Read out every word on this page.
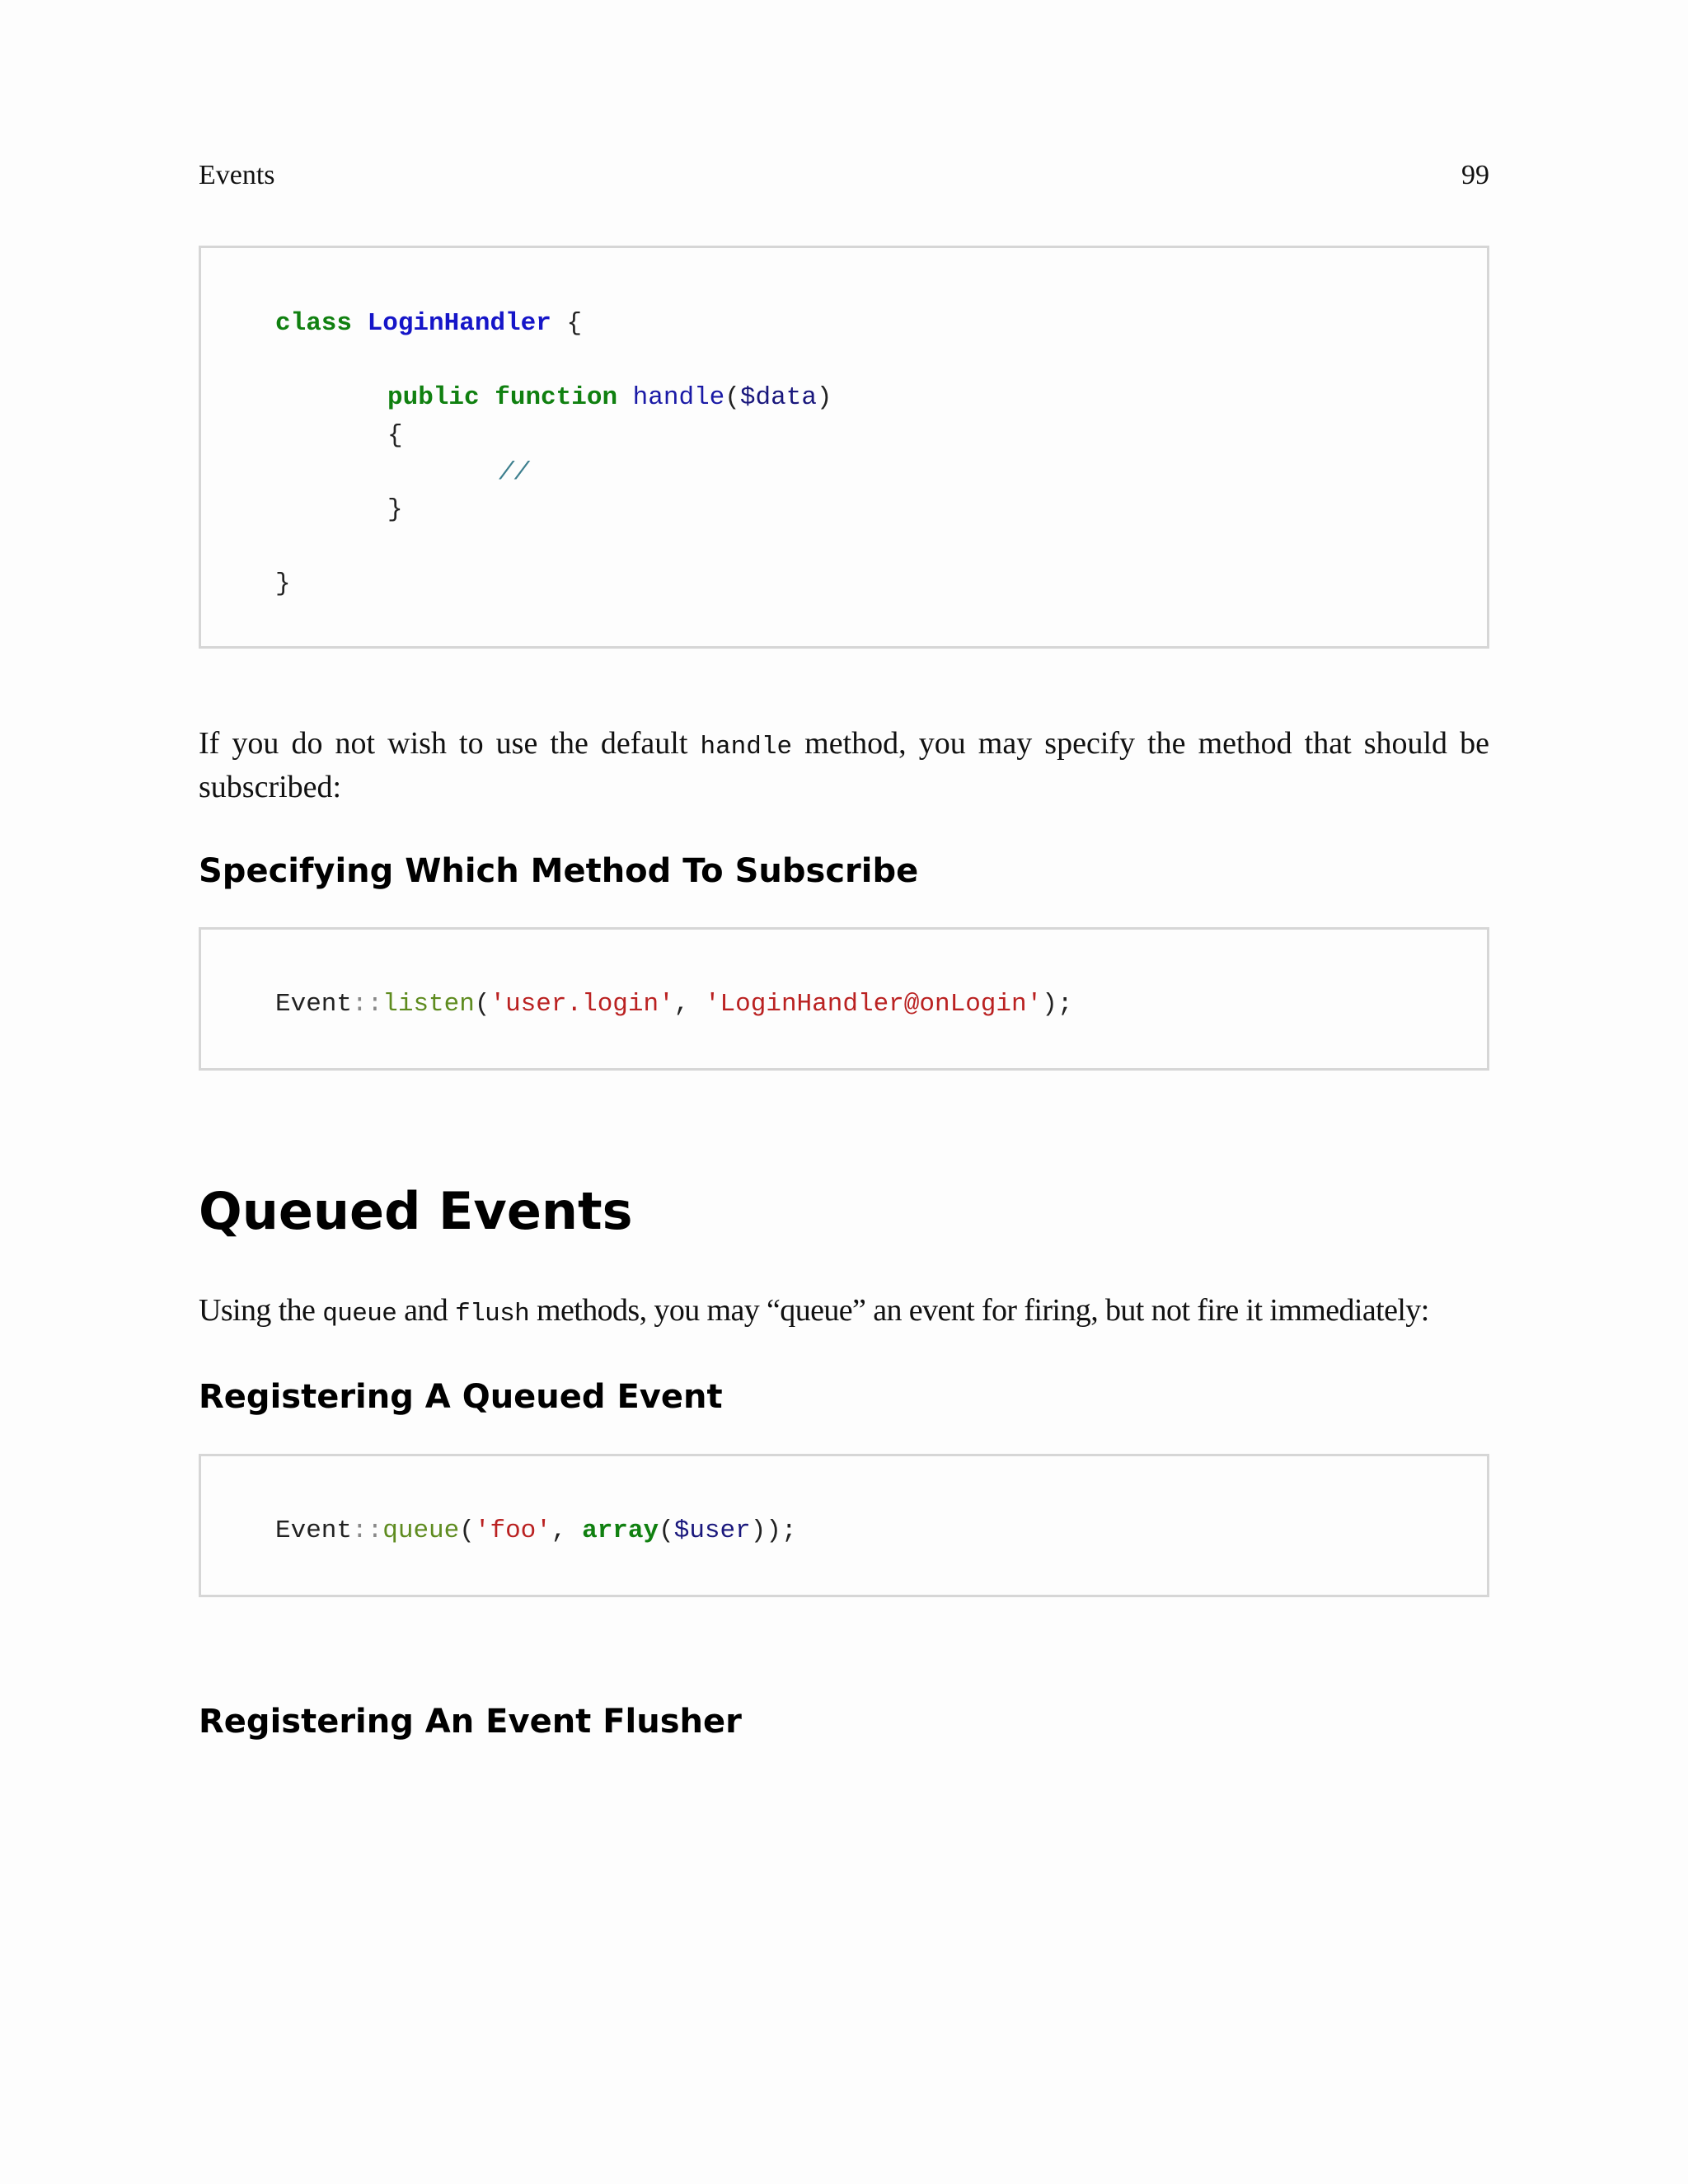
Events	99
class LoginHandler {
public function handle($data)
{
//
}
}
If you do not wish to use the default handle method, you may specify the method that should be subscribed:
Specifying Which Method To Subscribe
Event::listen('user.login', 'LoginHandler@onLogin');
Queued Events
Using the queue and flush methods, you may “queue” an event for firing, but not fire it immediately:
Registering A Queued Event
Event::queue('foo', array($user));
Registering An Event Flusher
